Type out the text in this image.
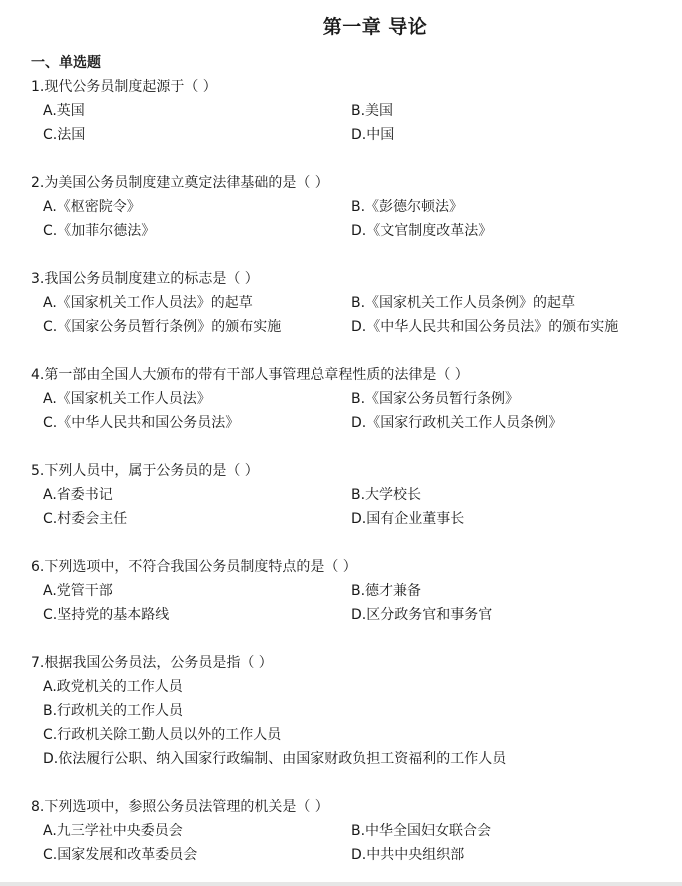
第一章 导论
一、单选题
1.现代公务员制度起源于（ ）
A.英国	B.美国
C.法国	D.中国
2.为美国公务员制度建立奠定法律基础的是（ ）
A.《枢密院令》	B.《彭德尔顿法》
C.《加菲尔德法》	D.《文官制度改革法》
3.我国公务员制度建立的标志是（ ）
A.《国家机关工作人员法》的起草	B.《国家机关工作人员条例》的起草
C.《国家公务员暂行条例》的颁布实施	D.《中华人民共和国公务员法》的颁布实施
4.第一部由全国人大颁布的带有干部人事管理总章程性质的法律是（ ）
A.《国家机关工作人员法》	B.《国家公务员暂行条例》
C.《中华人民共和国公务员法》	D.《国家行政机关工作人员条例》
5.下列人员中，属于公务员的是（ ）
A.省委书记	B.大学校长
C.村委会主任	D.国有企业董事长
6.下列选项中，不符合我国公务员制度特点的是（ ）
A.党管干部	B.德才兼备
C.坚持党的基本路线	D.区分政务官和事务官
7.根据我国公务员法，公务员是指（ ）
A.政党机关的工作人员
B.行政机关的工作人员
C.行政机关除工勤人员以外的工作人员
D.依法履行公职、纳入国家行政编制、由国家财政负担工资福利的工作人员
8.下列选项中，参照公务员法管理的机关是（ ）
A.九三学社中央委员会	B.中华全国妇女联合会
C.国家发展和改革委员会	D.中共中央组织部
